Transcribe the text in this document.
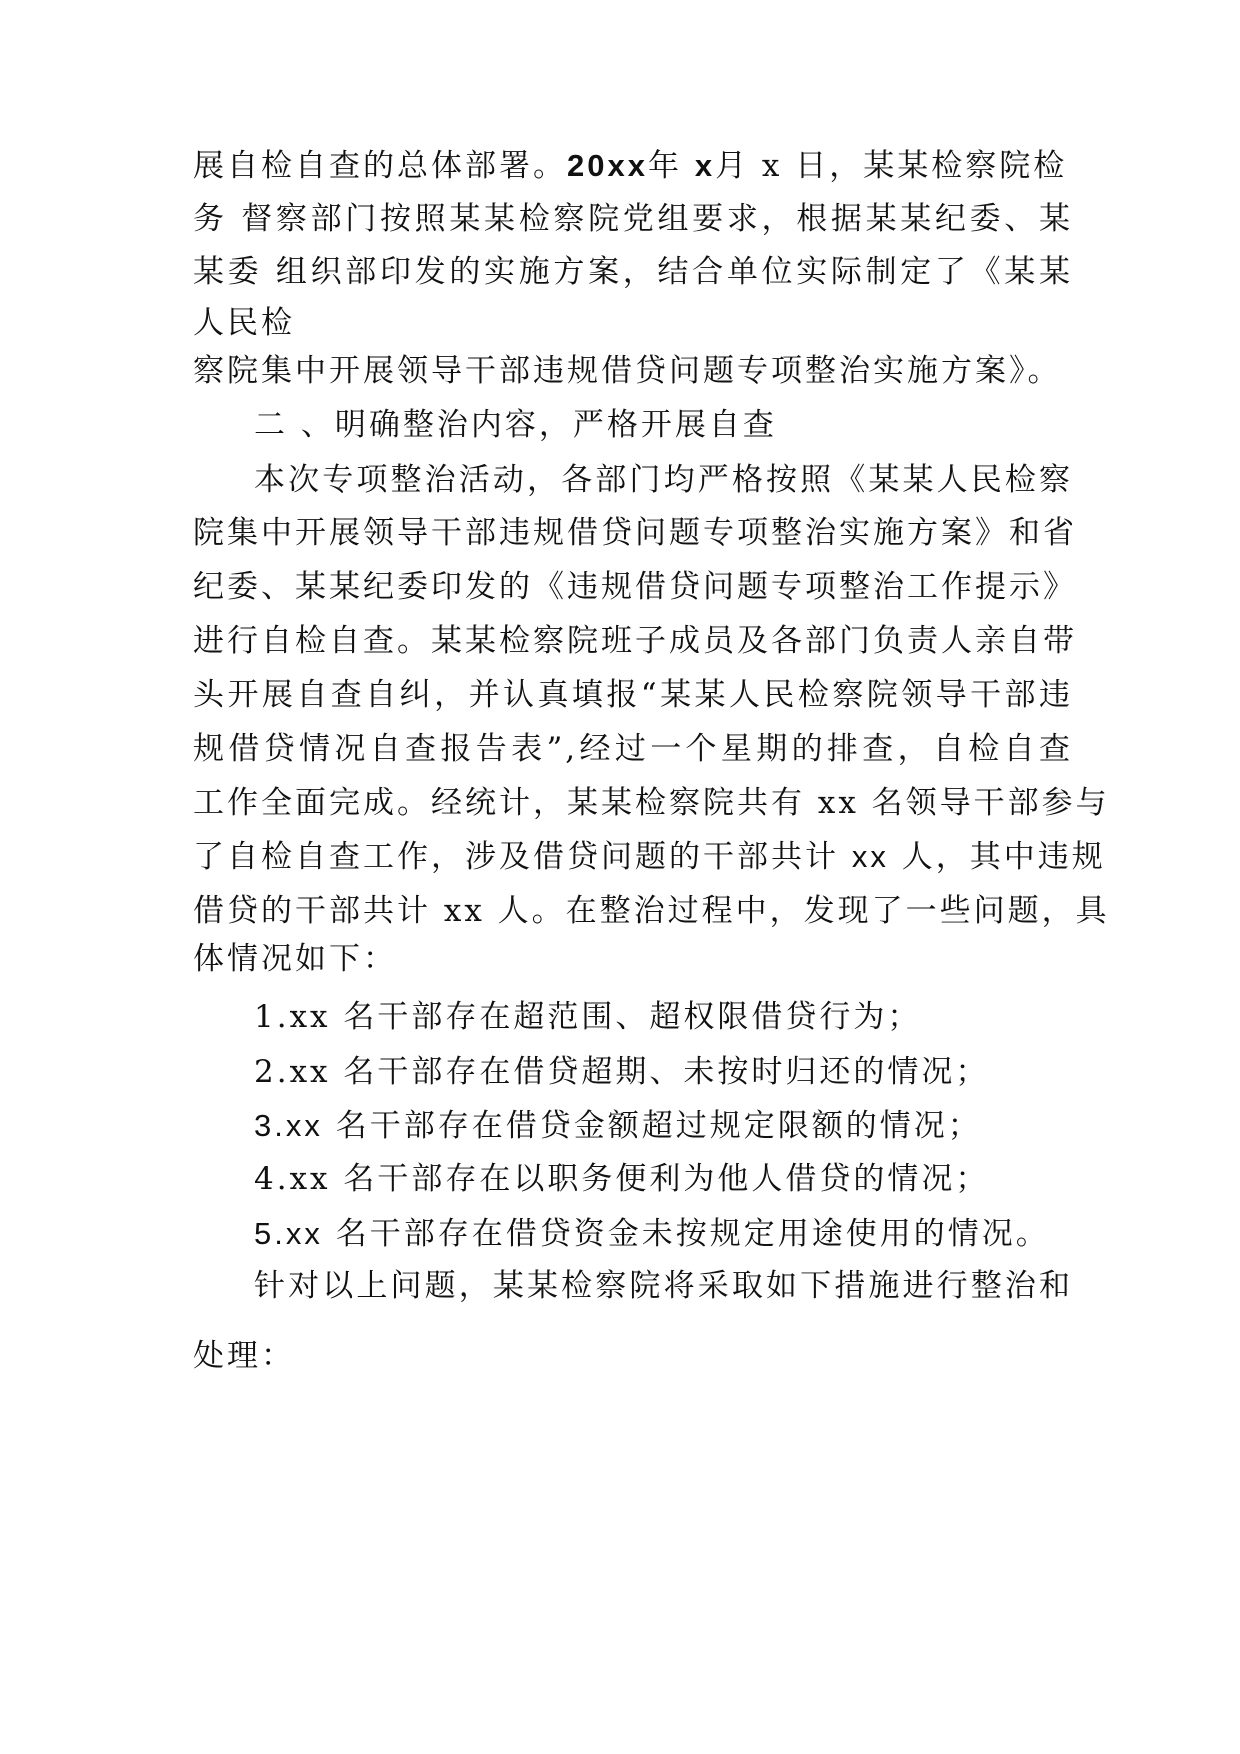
展自检自查的总体部署。20xx年 x月 x 日，某某检察院检
务 督察部门按照某某检察院党组要求，根据某某纪委、某
某委 组织部印发的实施方案，结合单位实际制定了《某某
人民检
察院集中开展领导干部违规借贷问题专项整治实施方案》。
二 、明确整治内容，严格开展自查
本次专项整治活动，各部门均严格按照《某某人民检察
院集中开展领导干部违规借贷问题专项整治实施方案》和省
纪委、某某纪委印发的《违规借贷问题专项整治工作提示》
进行自检自查。某某检察院班子成员及各部门负责人亲自带
头开展自查自纠，并认真填报“某某人民检察院领导干部违
规借贷情况自查报告表”,经过一个星期的排查，自检自查
工作全面完成。经统计，某某检察院共有 xx 名领导干部参与
了自检自查工作，涉及借贷问题的干部共计 xx 人，其中违规
借贷的干部共计 xx 人。在整治过程中，发现了一些问题，具
体情况如下：
1.xx 名干部存在超范围、超权限借贷行为；
2.xx 名干部存在借贷超期、未按时归还的情况；
3.xx 名干部存在借贷金额超过规定限额的情况；
4.xx 名干部存在以职务便利为他人借贷的情况；
5.xx 名干部存在借贷资金未按规定用途使用的情况。
针对以上问题，某某检察院将采取如下措施进行整治和
处理：
